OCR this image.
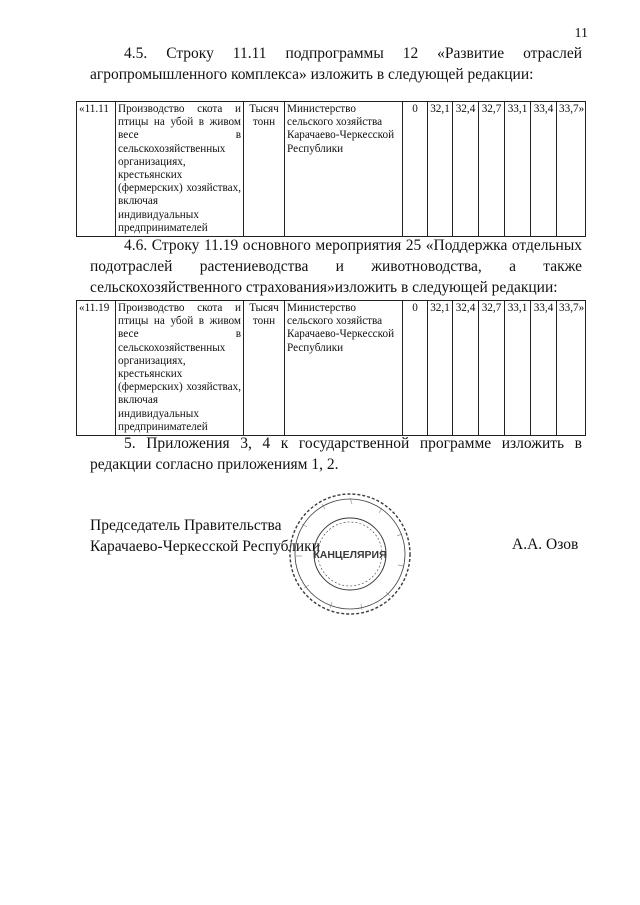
11
4.5. Строку 11.11 подпрограммы 12 «Развитие отраслей агропромышленного комплекса» изложить в следующей редакции:
«11.11	Производство скота и птицы на убой в живом весе в сельскохозяйственных организациях, крестьянских (фермерских) хозяйствах, включая индивидуальных предпринимателей	Тысяч тонн	Министерство сельского хозяйства Карачаево-Черкесской Республики	0	32,1	32,4	32,7	33,1	33,4	33,7»
4.6. Строку 11.19 основного мероприятия 25 «Поддержка отдельных подотраслей растениеводства и животноводства, а также сельскохозяйственного страхования»изложить в следующей редакции:
«11.19	Производство скота и птицы на убой в живом весе в сельскохозяйственных организациях, крестьянских (фермерских) хозяйствах, включая индивидуальных предпринимателей	Тысяч тонн	Министерство сельского хозяйства Карачаево-Черкесской Республики	0	32,1	32,4	32,7	33,1	33,4	33,7»
5. Приложения 3, 4 к государственной программе изложить в редакции согласно приложениям 1, 2.
Председатель Правительства
Карачаево-Черкесской Республики	А.А. Озов
КАНЦЕЛЯРИЯ
